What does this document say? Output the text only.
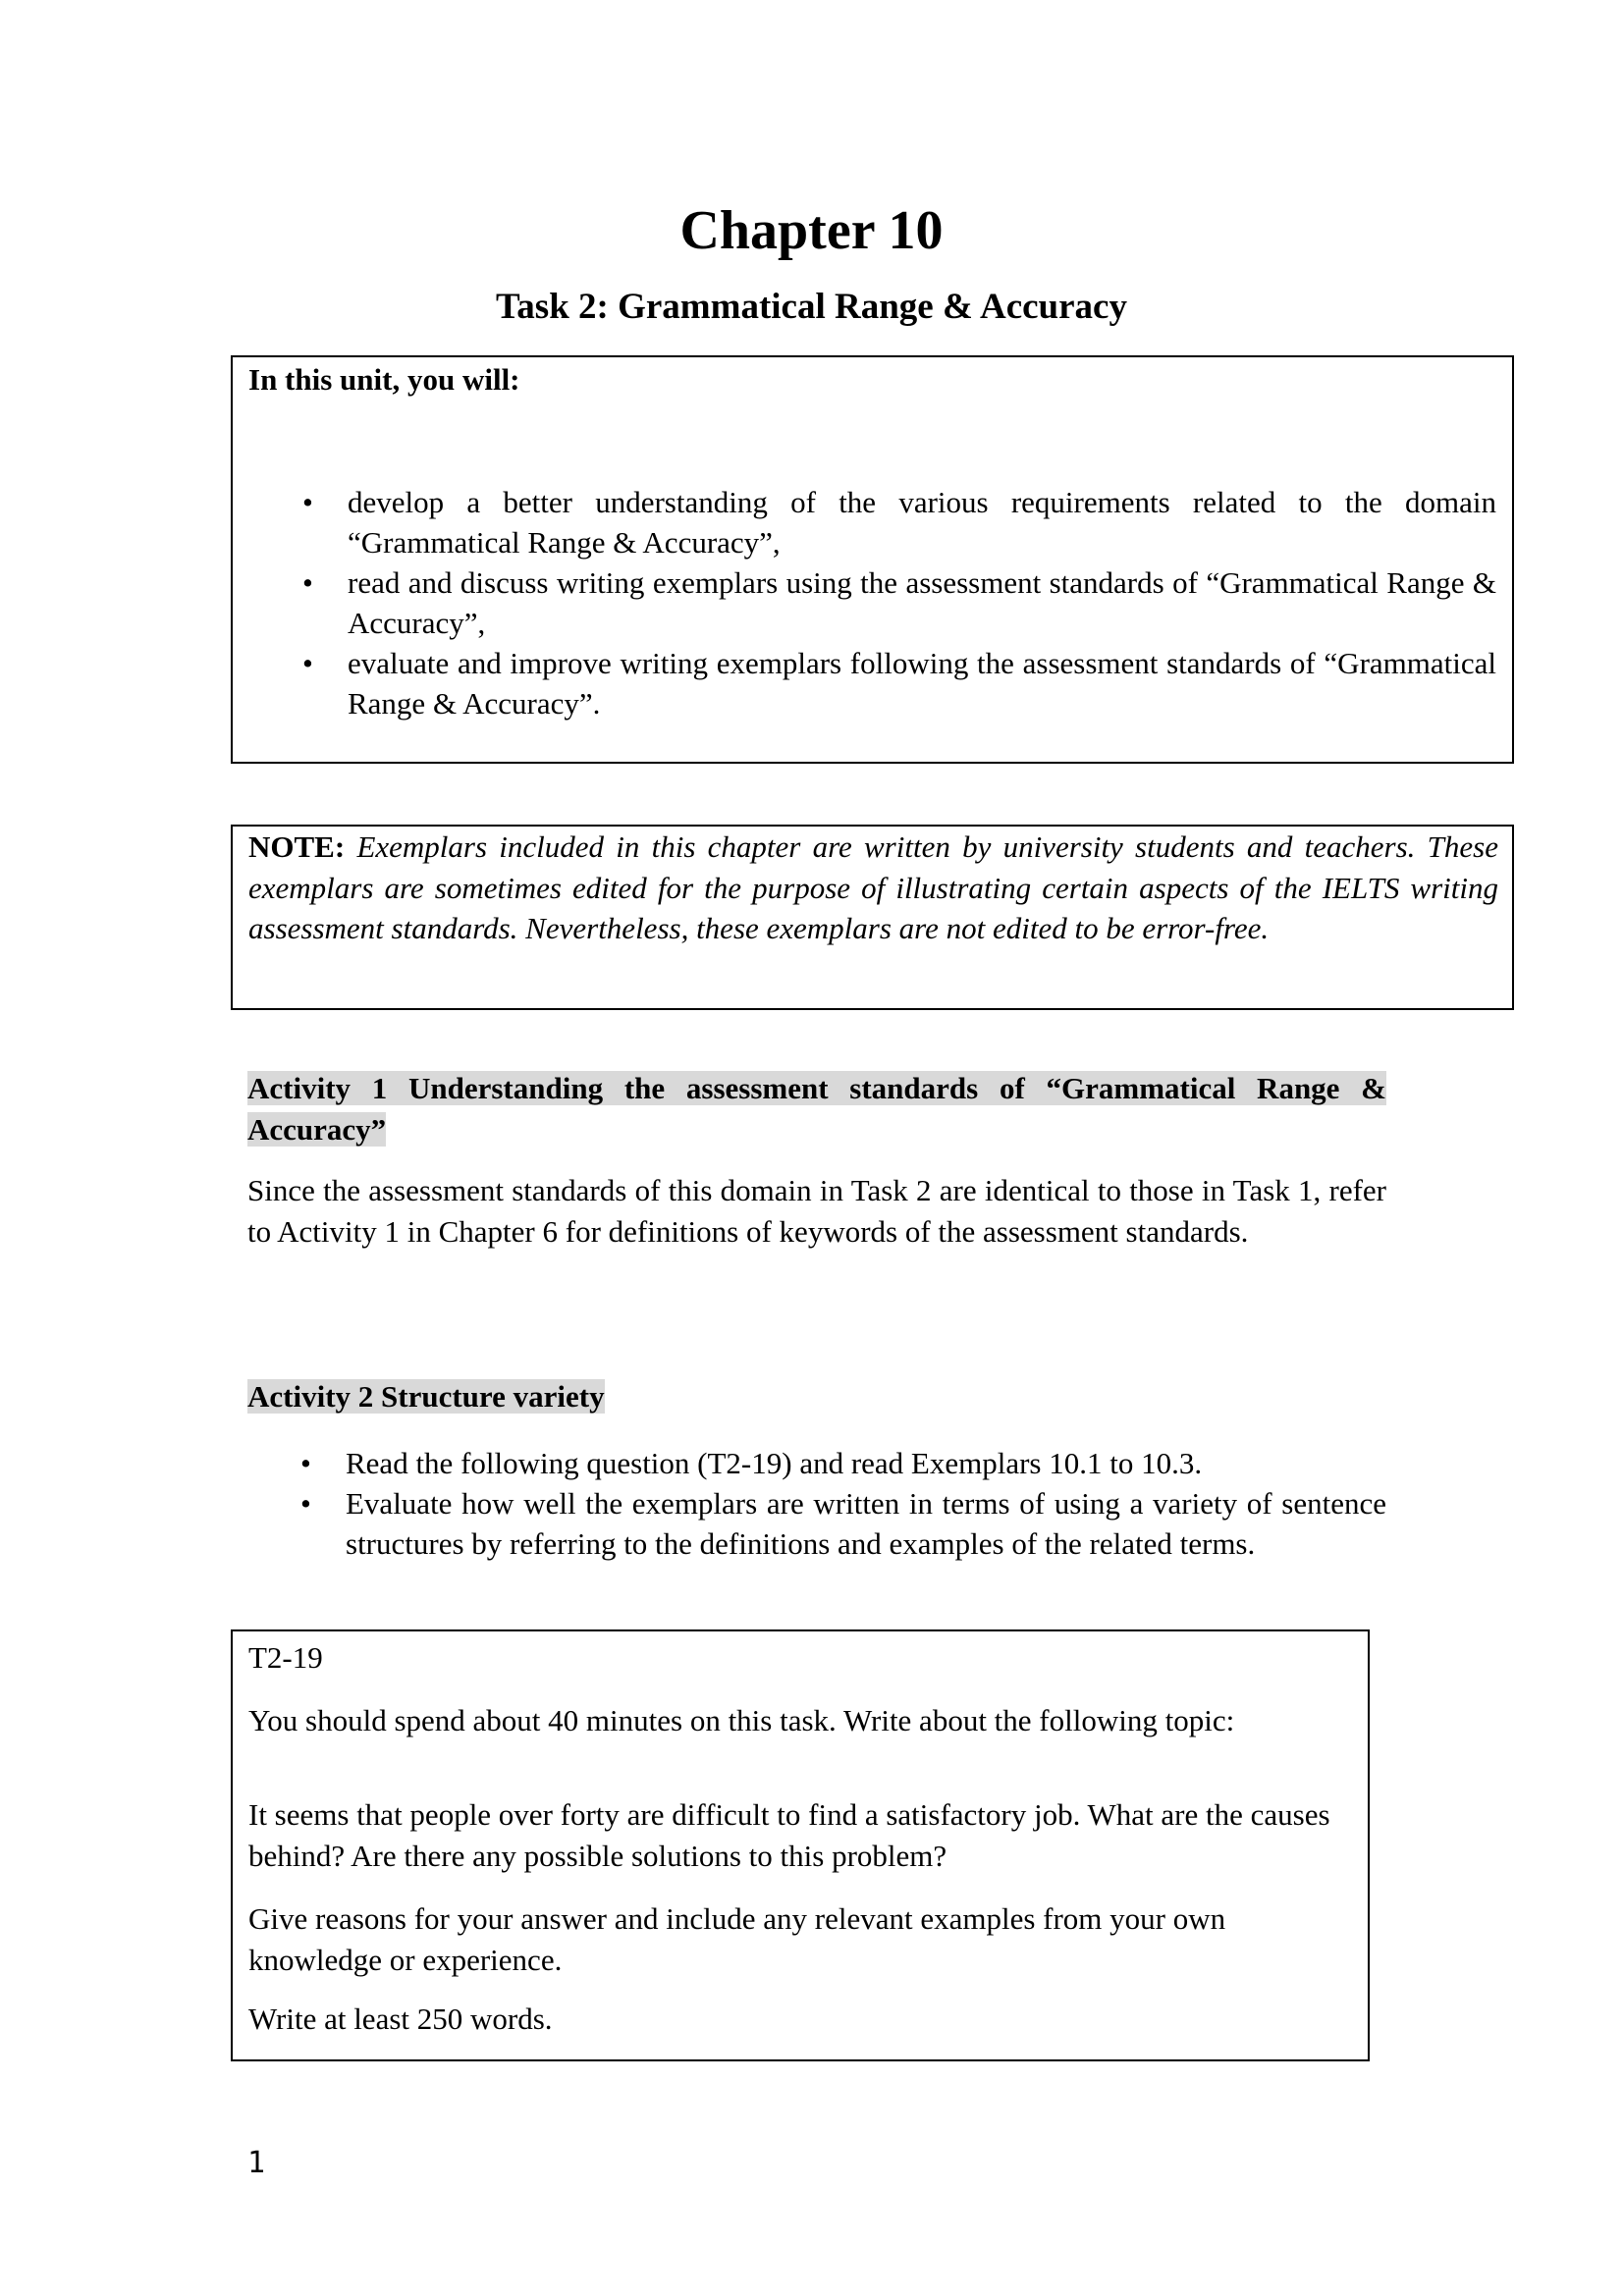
Chapter 10
Task 2: Grammatical Range & Accuracy
In this unit, you will:
• develop a better understanding of the various requirements related to the domain “Grammatical Range & Accuracy”,
• read and discuss writing exemplars using the assessment standards of “Grammatical Range & Accuracy”,
• evaluate and improve writing exemplars following the assessment standards of “Grammatical Range & Accuracy”.
NOTE: Exemplars included in this chapter are written by university students and teachers. These exemplars are sometimes edited for the purpose of illustrating certain aspects of the IELTS writing assessment standards. Nevertheless, these exemplars are not edited to be error-free.
Activity 1 Understanding the assessment standards of “Grammatical Range & Accuracy”
Since the assessment standards of this domain in Task 2 are identical to those in Task 1, refer to Activity 1 in Chapter 6 for definitions of keywords of the assessment standards.
Activity 2 Structure variety
• Read the following question (T2-19) and read Exemplars 10.1 to 10.3.
• Evaluate how well the exemplars are written in terms of using a variety of sentence structures by referring to the definitions and examples of the related terms.

T2-19

You should spend about 40 minutes on this task. Write about the following topic:

It seems that people over forty are difficult to find a satisfactory job. What are the causes behind? Are there any possible solutions to this problem?

Give reasons for your answer and include any relevant examples from your own knowledge or experience.

Write at least 250 words.

1
